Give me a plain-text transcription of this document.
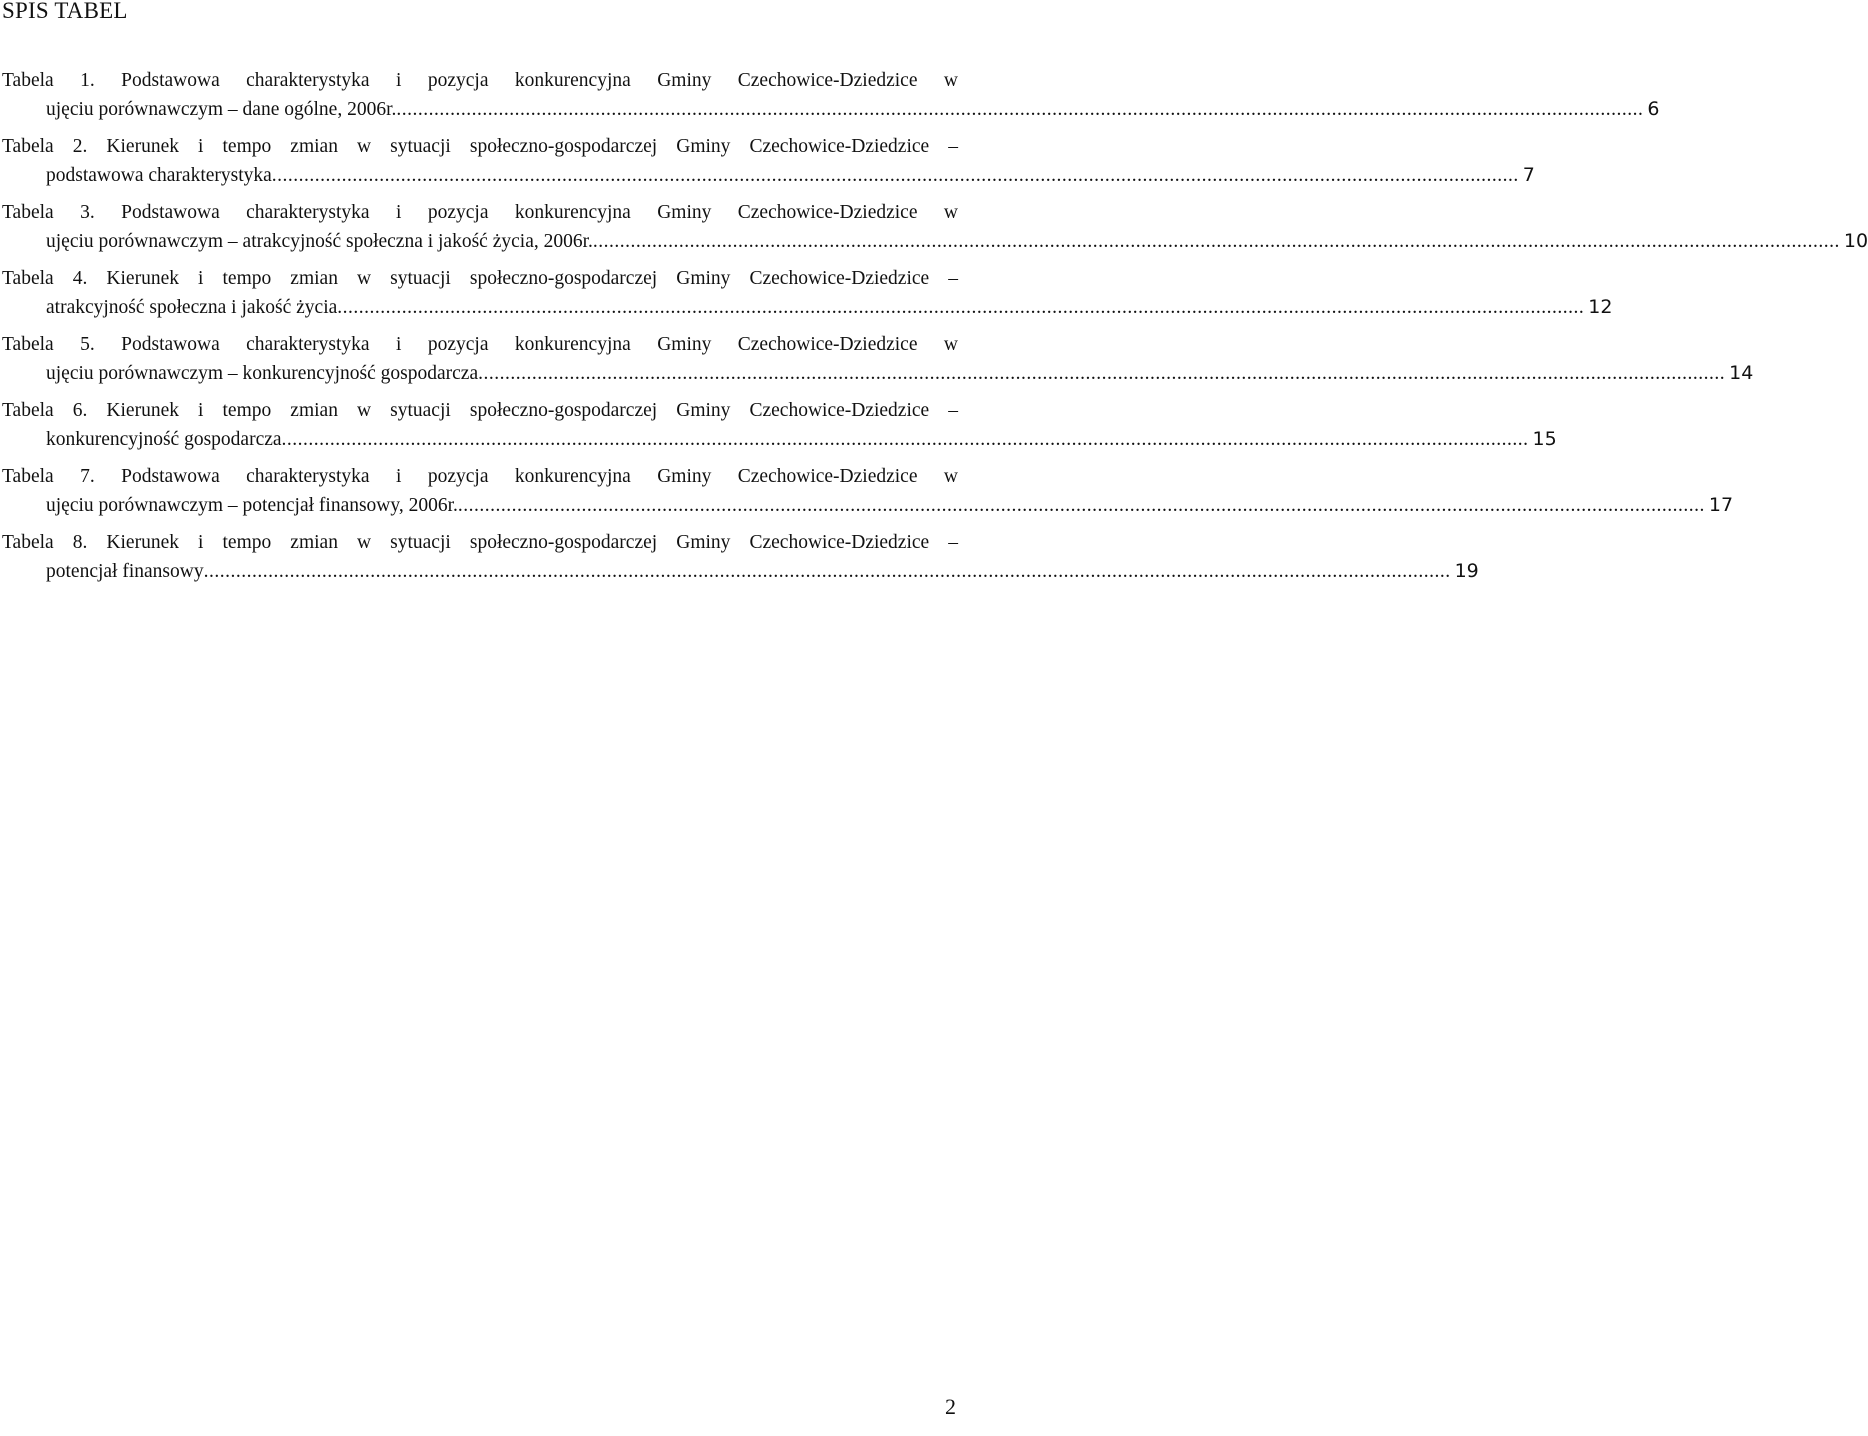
SPIS TABEL
Tabela 1. Podstawowa charakterystyka i pozycja konkurencyjna Gminy Czechowice-Dziedzice w
ujęciu porównawczym – dane ogólne, 2006r. ........................................................................................................................................................................................................................................ 6
Tabela 2. Kierunek i tempo zmian w sytuacji społeczno-gospodarczej Gminy Czechowice-Dziedzice –
podstawowa charakterystyka ........................................................................................................................................................................................................................................ 7
Tabela 3. Podstawowa charakterystyka i pozycja konkurencyjna Gminy Czechowice-Dziedzice w
ujęciu porównawczym – atrakcyjność społeczna i jakość życia, 2006r. ........................................................................................................................................................................................................................................ 10
Tabela 4. Kierunek i tempo zmian w sytuacji społeczno-gospodarczej Gminy Czechowice-Dziedzice –
atrakcyjność społeczna i jakość życia ........................................................................................................................................................................................................................................ 12
Tabela 5. Podstawowa charakterystyka i pozycja konkurencyjna Gminy Czechowice-Dziedzice w
ujęciu porównawczym – konkurencyjność gospodarcza ........................................................................................................................................................................................................................................ 14
Tabela 6. Kierunek i tempo zmian w sytuacji społeczno-gospodarczej Gminy Czechowice-Dziedzice –
konkurencyjność gospodarcza ........................................................................................................................................................................................................................................ 15
Tabela 7. Podstawowa charakterystyka i pozycja konkurencyjna Gminy Czechowice-Dziedzice w
ujęciu porównawczym – potencjał finansowy, 2006r. ........................................................................................................................................................................................................................................ 17
Tabela 8. Kierunek i tempo zmian w sytuacji społeczno-gospodarczej Gminy Czechowice-Dziedzice –
potencjał finansowy ........................................................................................................................................................................................................................................ 19
2
